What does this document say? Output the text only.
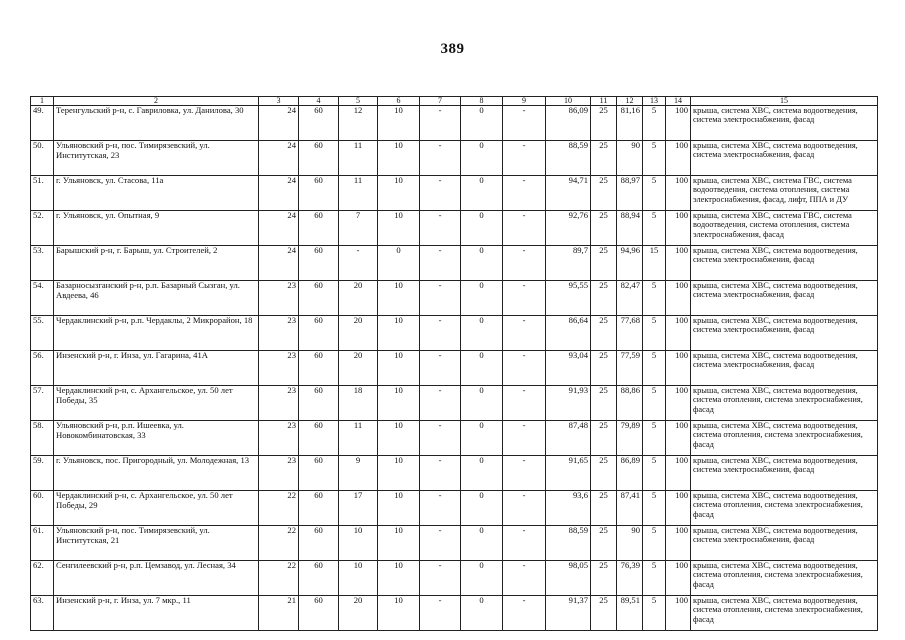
389
1	2	3	4	5	6	7	8	9	10	11	12	13	14	15
49.	Теренгульский р-н, с. Гавриловка, ул. Данилова, 30	24	60	12	10	-	0	-	86,09	25	81,16	5	100	крыша, система ХВС, система водоотведения, система электроснабжения, фасад
50.	Ульяновский р-н, пос. Тимирязевский, ул. Институтская, 23	24	60	11	10	-	0	-	88,59	25	90	5	100	крыша, система ХВС, система водоотведения, система электроснабжения, фасад
51.	г. Ульяновск, ул. Стасова, 11а	24	60	11	10	-	0	-	94,71	25	88,97	5	100	крыша, система ХВС, система ГВС, система водоотведения, система отопления, система электроснабжения, фасад, лифт, ППА и ДУ
52.	г. Ульяновск, ул. Опытная, 9	24	60	7	10	-	0	-	92,76	25	88,94	5	100	крыша, система ХВС, система ГВС, система водоотведения, система отопления, система электроснабжения, фасад
53.	Барышский р-н, г. Барыш, ул. Строителей, 2	24	60	-	0	-	0	-	89,7	25	94,96	15	100	крыша, система ХВС, система водоотведения, система электроснабжения, фасад
54.	Базарносызганский р-н, р.п. Базарный Сызган, ул. Авдеева, 46	23	60	20	10	-	0	-	95,55	25	82,47	5	100	крыша, система ХВС, система водоотведения, система электроснабжения, фасад
55.	Чердаклинский р-н, р.п. Чердаклы, 2 Микрорайон, 18	23	60	20	10	-	0	-	86,64	25	77,68	5	100	крыша, система ХВС, система водоотведения, система электроснабжения, фасад
56.	Инзенский р-н, г. Инза, ул. Гагарина, 41А	23	60	20	10	-	0	-	93,04	25	77,59	5	100	крыша, система ХВС, система водоотведения, система электроснабжения, фасад
57.	Чердаклинский р-н, с. Архангельское, ул. 50 лет Победы, 35	23	60	18	10	-	0	-	91,93	25	88,86	5	100	крыша, система ХВС, система водоотведения, система отопления, система электроснабжения, фасад
58.	Ульяновский р-н, р.п. Ишеевка, ул. Новокомбинатовская, 33	23	60	11	10	-	0	-	87,48	25	79,89	5	100	крыша, система ХВС, система водоотведения, система отопления, система электроснабжения, фасад
59.	г. Ульяновск, пос. Пригородный, ул. Молодежная, 13	23	60	9	10	-	0	-	91,65	25	86,89	5	100	крыша, система ХВС, система водоотведения, система электроснабжения, фасад
60.	Чердаклинский р-н, с. Архангельское, ул. 50 лет Победы, 29	22	60	17	10	-	0	-	93,6	25	87,41	5	100	крыша, система ХВС, система водоотведения, система отопления, система электроснабжения, фасад
61.	Ульяновский р-н, пос. Тимирязевский, ул. Институтская, 21	22	60	10	10	-	0	-	88,59	25	90	5	100	крыша, система ХВС, система водоотведения, система электроснабжения, фасад
62.	Сенгилеевский р-н, р.п. Цемзавод, ул. Лесная, 34	22	60	10	10	-	0	-	98,05	25	76,39	5	100	крыша, система ХВС, система водоотведения, система отопления, система электроснабжения, фасад
63.	Инзенский р-н, г. Инза, ул. 7 мкр., 11	21	60	20	10	-	0	-	91,37	25	89,51	5	100	крыша, система ХВС, система водоотведения, система отопления, система электроснабжения, фасад
